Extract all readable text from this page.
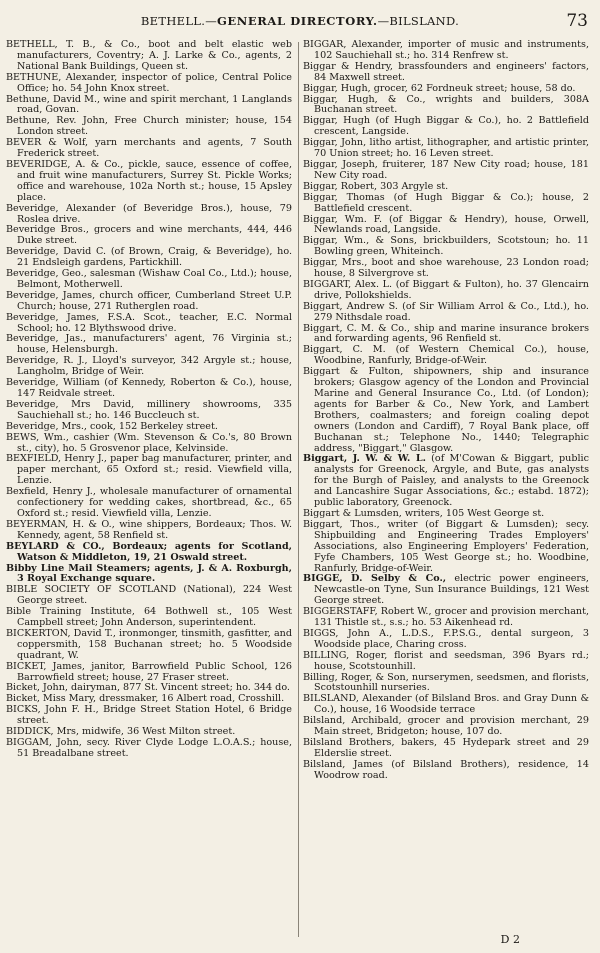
BETHELL.—GENERAL DIRECTORY.—BILSLAND.	73

BETHELL, T. B., & Co., boot and belt elastic web manufacturers, Coventry; A. J. Larke & Co., agents, 2 National Bank Buildings, Queen st.

BETHUNE, Alexander, inspector of police, Central Police Office; ho. 54 John Knox street.

Bethune, David M., wine and spirit merchant, 1 Langlands road, Govan.

Bethune, Rev. John, Free Church minister; house, 154 London street.

BEVER & Wolf, yarn merchants and agents, 7 South Frederick street.

BEVERIDGE, A. & Co., pickle, sauce, essence of coffee, and fruit wine manufacturers, Surrey St. Pickle Works; office and warehouse, 102a North st.; house, 15 Apsley place.

Beveridge, Alexander (of Beveridge Bros.), house, 79 Roslea drive.

Beveridge Bros., grocers and wine merchants, 444, 446 Duke street.

Beveridge, David C. (of Brown, Craig, & Beveridge), ho. 21 Endsleigh gardens, Partickhill.

Beveridge, Geo., salesman (Wishaw Coal Co., Ltd.); house, Belmont, Motherwell.

Beveridge, James, church officer, Cumberland Street U.P. Church; house, 271 Rutherglen road.

Beveridge, James, F.S.A. Scot., teacher, E.C. Normal School; ho. 12 Blythswood drive.

Beveridge, Jas., manufacturers' agent, 76 Virginia st.; house, Helensburgh.

Beveridge, R. J., Lloyd's surveyor, 342 Argyle st.; house, Langholm, Bridge of Weir.

Beveridge, William (of Kennedy, Roberton & Co.), house, 147 Reidvale street.

Beveridge, Mrs David, millinery showrooms, 335 Sauchiehall st.; ho. 146 Buccleuch st.

Beveridge, Mrs., cook, 152 Berkeley street.

BEWS, Wm., cashier (Wm. Stevenson & Co.'s, 80 Brown st., city), ho. 5 Grosvenor place, Kelvinside.

BEXFIELD, Henry J., paper bag manufacturer, printer, and paper merchant, 65 Oxford st.; resid. Viewfield villa, Lenzie.

Bexfield, Henry J., wholesale manufacturer of ornamental confectionery for wedding cakes, shortbread, &c., 65 Oxford st.; resid. Viewfield villa, Lenzie.

BEYERMAN, H. & O., wine shippers, Bordeaux; Thos. W. Kennedy, agent, 58 Renfield st.

BEYLARD & CO., Bordeaux; agents for Scotland, Watson & Middleton, 19, 21 Oswald street.

Bibby Line Mail Steamers; agents, J. & A. Roxburgh, 3 Royal Exchange square.

BIBLE SOCIETY OF SCOTLAND (National), 224 West George street.

Bible Training Institute, 64 Bothwell st., 105 West Campbell street; John Anderson, superintendent.

BICKERTON, David T., ironmonger, tinsmith, gasfitter, and coppersmith, 158 Buchanan street; ho. 5 Woodside quadrant, W.

BICKET, James, janitor, Barrowfield Public School, 126 Barrowfield street; house, 27 Fraser street.

Bicket, John, dairyman, 877 St. Vincent street; ho. 344 do.

Bicket, Miss Mary, dressmaker, 16 Albert road, Crosshill.

BICKS, John F. H., Bridge Street Station Hotel, 6 Bridge street.

BIDDICK, Mrs, midwife, 36 West Milton street.

BIGGAM, John, secy. River Clyde Lodge L.O.A.S.; house, 51 Breadalbane street.

BIGGAR, Alexander, importer of music and instruments, 102 Sauchiehall st.; ho. 314 Renfrew st.

Biggar & Hendry, brassfounders and engineers' factors, 84 Maxwell street.

Biggar, Hugh, grocer, 62 Fordneuk street; house, 58 do.

Biggar, Hugh, & Co., wrights and builders, 308A Buchanan street.

Biggar, Hugh (of Hugh Biggar & Co.), ho. 2 Battlefield crescent, Langside.

Biggar, John, litho artist, lithographer, and artistic printer, 70 Union street; ho. 16 Leven street.

Biggar, Joseph, fruiterer, 187 New City road; house, 181 New City road.

Biggar, Robert, 303 Argyle st.

Biggar, Thomas (of Hugh Biggar & Co.); house, 2 Battlefield crescent.

Biggar, Wm. F. (of Biggar & Hendry), house, Orwell, Newlands road, Langside.

Biggar, Wm., & Sons, brickbuilders, Scotstoun; ho. 11 Bowling green, Whiteinch.

Biggar, Mrs., boot and shoe warehouse, 23 London road; house, 8 Silvergrove st.

BIGGART, Alex. L. (of Biggart & Fulton), ho. 37 Glencairn drive, Pollokshields.

Biggart, Andrew S. (of Sir William Arrol & Co., Ltd.), ho. 279 Nithsdale road.

Biggart, C. M. & Co., ship and marine insurance brokers and forwarding agents, 96 Renfield st.

Biggart, C. M. (of Western Chemical Co.), house, Woodbine, Ranfurly, Bridge-of-Weir.

Biggart & Fulton, shipowners, ship and insurance brokers; Glasgow agency of the London and Provincial Marine and General Insurance Co., Ltd. (of London); agents for Barber & Co., New York, and Lambert Brothers, coalmasters; and foreign coaling depot owners (London and Cardiff), 7 Royal Bank place, off Buchanan st.; Telephone No., 1440; Telegraphic address, "Biggart," Glasgow.

Biggart, J. W. & W. L. (of M'Cowan & Biggart, public analysts for Greenock, Argyle, and Bute, gas analysts for the Burgh of Paisley, and analysts to the Greenock and Lancashire Sugar Associations, &c.; estabd. 1872); public laboratory, Greenock.

Biggart & Lumsden, writers, 105 West George st.

Biggart, Thos., writer (of Biggart & Lumsden); secy. Shipbuilding and Engineering Trades Employers' Associations, also Engineering Employers' Federation, Fyfe Chambers, 105 West George st.; ho. Woodbine, Ranfurly, Bridge-of-Weir.

BIGGE, D. Selby & Co., electric power engineers, Newcastle-on Tyne, Sun Insurance Buildings, 121 West George street.

BIGGERSTAFF, Robert W., grocer and provision merchant, 131 Thistle st., s.s.; ho. 53 Aikenhead rd.

BIGGS, John A., L.D.S., F.P.S.G., dental surgeon, 3 Woodside place, Charing cross.

BILLING, Roger, florist and seedsman, 396 Byars rd.; house, Scotstounhill.

Billing, Roger, & Son, nurserymen, seedsmen, and florists, Scotstounhill nurseries.

BILSLAND, Alexander (of Bilsland Bros. and Gray Dunn & Co.), house, 16 Woodside terrace

Bilsland, Archibald, grocer and provision merchant, 29 Main street, Bridgeton; house, 107 do.

Bilsland Brothers, bakers, 45 Hydepark street and 29 Elderslie street.

Bilsland, James (of Bilsland Brothers), residence, 14 Woodrow road.

D 2
